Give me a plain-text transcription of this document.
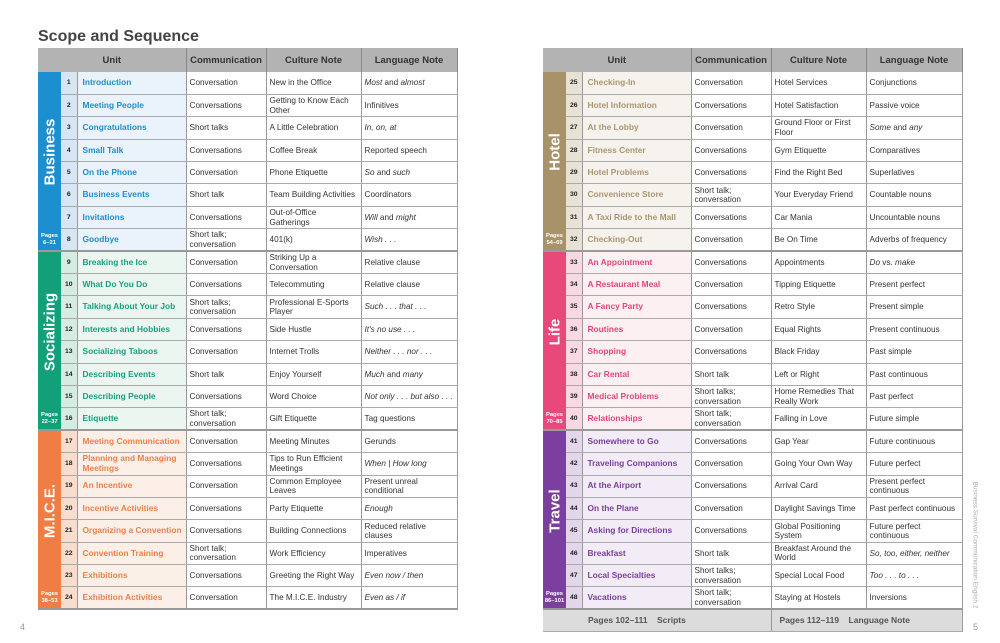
Scope and Sequence
Unit			Communication	Culture Note	Language Note

Business
Pages
6–21	1	Introduction	Conversation	New in the Office	Most and almost
	2	Meeting People	Conversations	Getting to Know Each Other	Infinitives
	3	Congratulations	Short talks	A Little Celebration	In, on, at
	4	Small Talk	Conversations	Coffee Break	Reported speech
	5	On the Phone	Conversation	Phone Etiquette	So and such
	6	Business Events	Short talk	Team Building Activities	Coordinators
	7	Invitations	Conversations	Out-of-Office Gatherings	Will and might
	8	Goodbye	Short talk; conversation	401(k)	Wish . . .

Socializing
Pages
22–37	9	Breaking the Ice	Conversation	Striking Up a Conversation	Relative clause
	10	What Do You Do	Conversations	Telecommuting	Relative clause
	11	Talking About Your Job	Short talks; conversation	Professional E-Sports Player	Such . . . that . . .
	12	Interests and Hobbies	Conversations	Side Hustle	It's no use . . .
	13	Socializing Taboos	Conversation	Internet Trolls	Neither . . . nor . . .
	14	Describing Events	Short talk	Enjoy Yourself	Much and many
	15	Describing People	Conversations	Word Choice	Not only . . . but also . . .
	16	Etiquette	Short talk; conversation	Gift Etiquette	Tag questions

M.I.C.E.
Pages
38–53	17	Meeting Communication	Conversation	Meeting Minutes	Gerunds
	18	Planning and Managing Meetings	Conversations	Tips to Run Efficient Meetings	When | How long
	19	An Incentive	Conversation	Common Employee Leaves	Present unreal conditional
	20	Incentive Activities	Conversations	Party Etiquette	Enough
	21	Organizing a Convention	Conversations	Building Connections	Reduced relative clauses
	22	Convention Training	Short talk; conversation	Work Efficiency	Imperatives
	23	Exhibitions	Conversations	Greeting the Right Way	Even now / then
	24	Exhibition Activities	Conversation	The M.I.C.E. Industry	Even as / if
4
Unit			Communication	Culture Note	Language Note

Hotel
Pages
54–69	25	Checking-In	Conversation	Hotel Services	Conjunctions
	26	Hotel Information	Conversations	Hotel Satisfaction	Passive voice
	27	At the Lobby	Conversation	Ground Floor or First Floor	Some and any
	28	Fitness Center	Conversations	Gym Etiquette	Comparatives
	29	Hotel Problems	Conversations	Find the Right Bed	Superlatives
	30	Convenience Store	Short talk; conversation	Your Everyday Friend	Countable nouns
	31	A Taxi Ride to the Mall	Conversations	Car Mania	Uncountable nouns
	32	Checking-Out	Conversation	Be On Time	Adverbs of frequency

Life
Pages
70–85	33	An Appointment	Conversations	Appointments	Do vs. make
	34	A Restaurant Meal	Conversation	Tipping Etiquette	Present perfect
	35	A Fancy Party	Conversations	Retro Style	Present simple
	36	Routines	Conversation	Equal Rights	Present continuous
	37	Shopping	Conversations	Black Friday	Past simple
	38	Car Rental	Short talk	Left or Right	Past continuous
	39	Medical Problems	Short talks; conversation	Home Remedies That Really Work	Past perfect
	40	Relationships	Short talk; conversation	Falling in Love	Future simple

Travel
Pages
86–101	41	Somewhere to Go	Conversations	Gap Year	Future continuous
	42	Traveling Companions	Conversation	Going Your Own Way	Future perfect
	43	At the Airport	Conversations	Arrival Card	Present perfect continuous
	44	On the Plane	Conversation	Daylight Savings Time	Past perfect continuous
	45	Asking for Directions	Conversations	Global Positioning System	Future perfect continuous
	46	Breakfast	Short talk	Breakfast Around the World	So, too, either, neither
	47	Local Specialties	Short talks; conversation	Special Local Food	Too . . . to . . .
	48	Vacations	Short talk; conversation	Staying at Hostels	Inversions
Pages 102–111 Scripts				Pages 112–119 Language Note	
5
Business Survival Communication English 2
